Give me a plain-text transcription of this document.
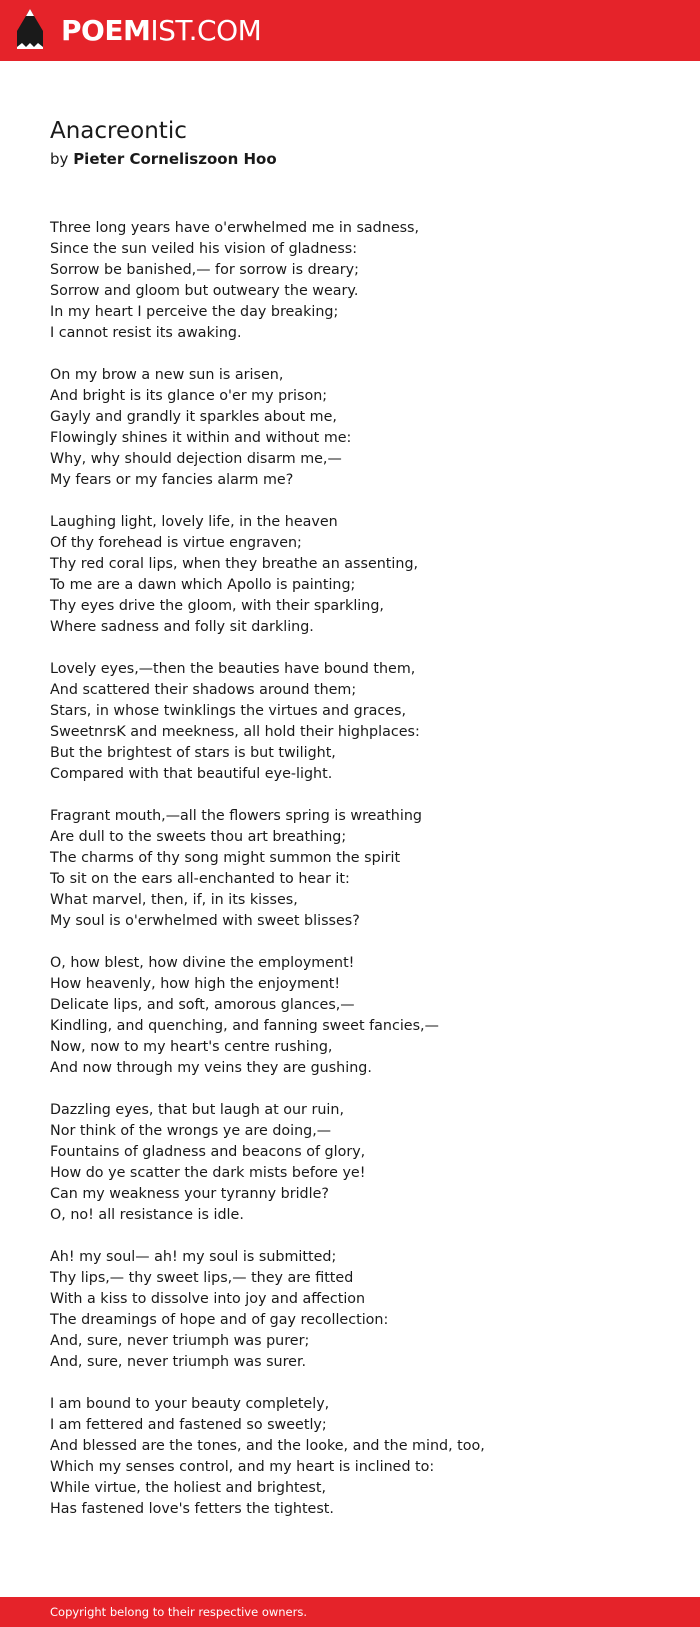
POEMIST.COM
Anacreontic
by Pieter Corneliszoon Hoo
Three long years have o'erwhelmed me in sadness,
Since the sun veiled his vision of gladness:
Sorrow be banished,— for sorrow is dreary;
Sorrow and gloom but outweary the weary.
In my heart I perceive the day breaking;
I cannot resist its awaking.
On my brow a new sun is arisen,
And bright is its glance o'er my prison;
Gayly and grandly it sparkles about me,
Flowingly shines it within and without me:
Why, why should dejection disarm me,—
My fears or my fancies alarm me?
Laughing light, lovely life, in the heaven
Of thy forehead is virtue engraven;
Thy red coral lips, when they breathe an assenting,
To me are a dawn which Apollo is painting;
Thy eyes drive the gloom, with their sparkling,
Where sadness and folly sit darkling.
Lovely eyes,—then the beauties have bound them,
And scattered their shadows around them;
Stars, in whose twinklings the virtues and graces,
SweetnrsK and meekness, all hold their highplaces:
But the brightest of stars is but twilight,
Compared with that beautiful eye-light.
Fragrant mouth,—all the flowers spring is wreathing
Are dull to the sweets thou art breathing;
The charms of thy song might summon the spirit
To sit on the ears all-enchanted to hear it:
What marvel, then, if, in its kisses,
My soul is o'erwhelmed with sweet blisses?
O, how blest, how divine the employment!
How heavenly, how high the enjoyment!
Delicate lips, and soft, amorous glances,—
Kindling, and quenching, and fanning sweet fancies,—
Now, now to my heart's centre rushing,
And now through my veins they are gushing.
Dazzling eyes, that but laugh at our ruin,
Nor think of the wrongs ye are doing,—
Fountains of gladness and beacons of glory,
How do ye scatter the dark mists before ye!
Can my weakness your tyranny bridle?
O, no! all resistance is idle.
Ah! my soul— ah! my soul is submitted;
Thy lips,— thy sweet lips,— they are fitted
With a kiss to dissolve into joy and affection
The dreamings of hope and of gay recollection:
And, sure, never triumph was purer;
And, sure, never triumph was surer.
I am bound to your beauty completely,
I am fettered and fastened so sweetly;
And blessed are the tones, and the looke, and the mind, too,
Which my senses control, and my heart is inclined to:
While virtue, the holiest and brightest,
Has fastened love's fetters the tightest.
Copyright belong to their respective owners.
